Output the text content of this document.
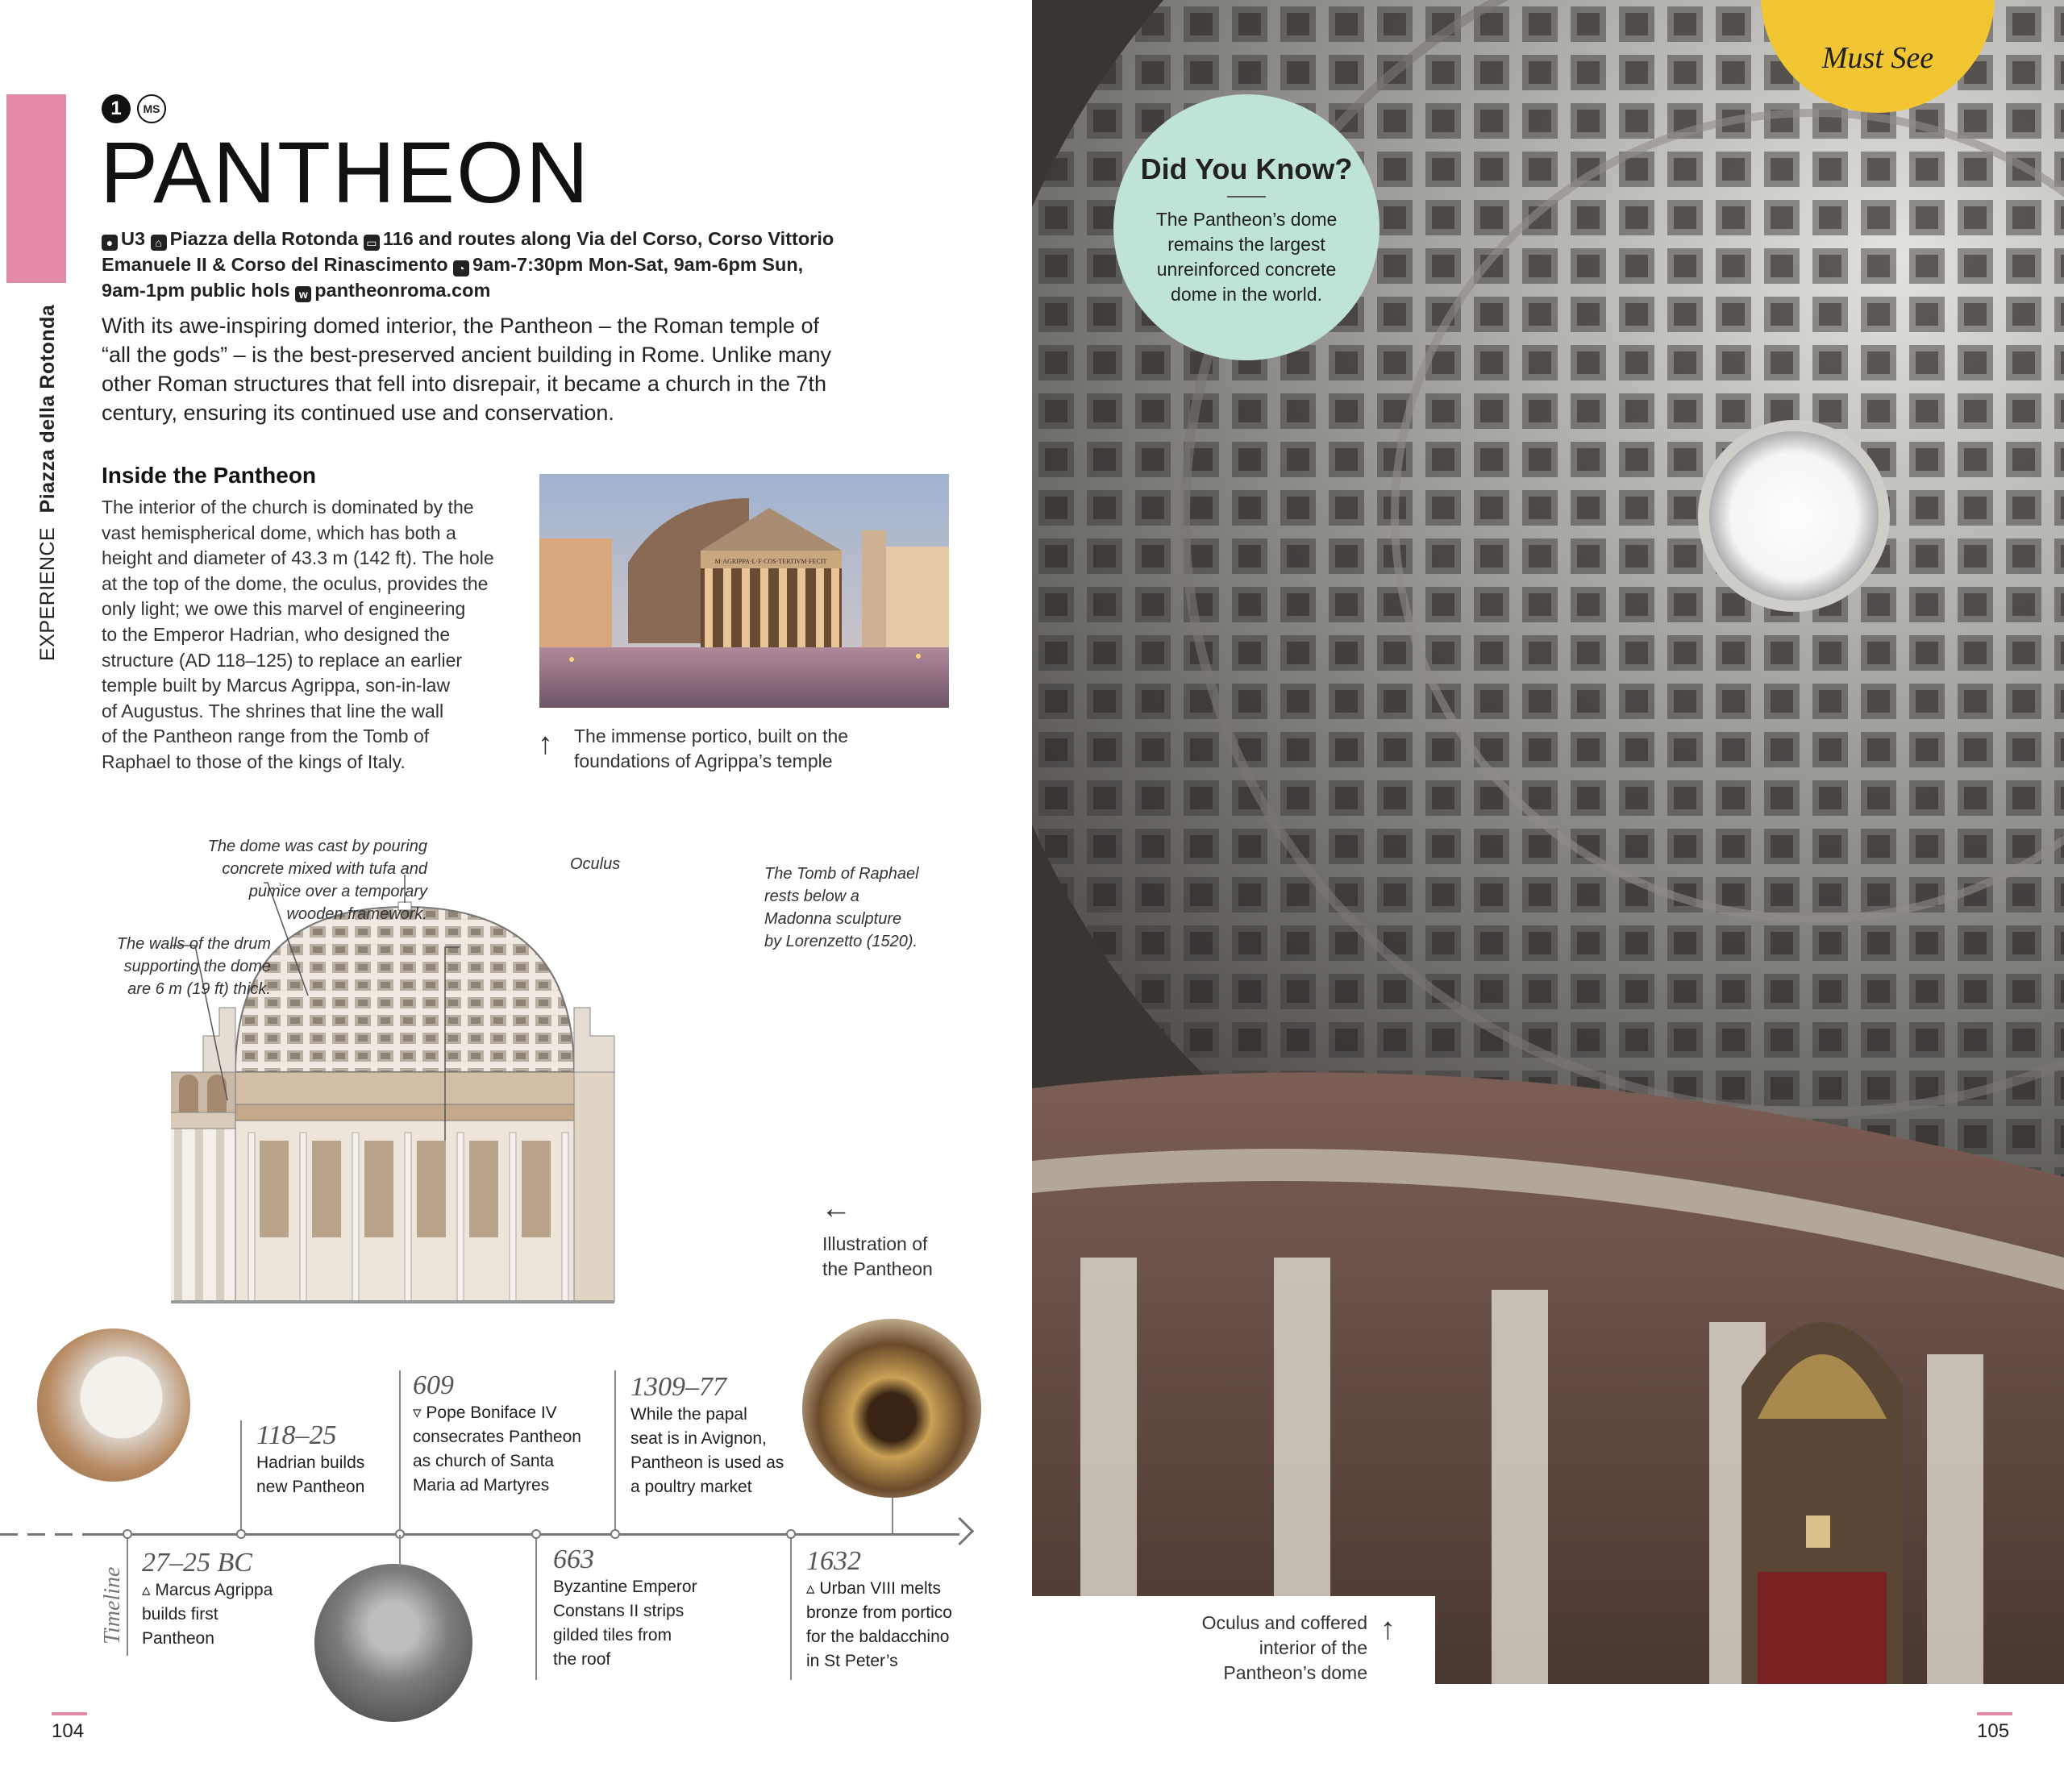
EXPERIENCE Piazza della Rotonda
1	MS
PANTHEON
● U3 ⌂ Piazza della Rotonda ▭ 116 and routes along Via del Corso, Corso Vittorio
Emanuele II & Corso del Rinascimento ◔ 9am-7:30pm Mon-Sat, 9am-6pm Sun,
9am-1pm public hols w pantheonroma.com
With its awe-inspiring domed interior, the Pantheon – the Roman temple of
“all the gods” – is the best-preserved ancient building in Rome. Unlike many
other Roman structures that fell into disrepair, it became a church in the 7th
century, ensuring its continued use and conservation.
Inside the Pantheon
The interior of the church is dominated by the
vast hemispherical dome, which has both a
height and diameter of 43.3 m (142 ft). The hole
at the top of the dome, the oculus, provides the
only light; we owe this marvel of engineering
to the Emperor Hadrian, who designed the
structure (AD 118–125) to replace an earlier
temple built by Marcus Agrippa, son-in-law
of Augustus. The shrines that line the wall
of the Pantheon range from the Tomb of
Raphael to those of the kings of Italy.
M·AGRIPPA·L·F·COS·TERTIVM·FECIT
↑ The immense portico, built on the
foundations of Agrippa’s temple
The dome was cast by pouring
concrete mixed with tufa and
pumice over a temporary
wooden framework.
Oculus
The walls of the drum
supporting the dome
are 6 m (19 ft) thick.
The Tomb of Raphael
rests below a
Madonna sculpture
by Lorenzetto (1520).
←
Illustration of
the Pantheon
Timeline
27–25 BC
▵ Marcus Agrippa
builds first
Pantheon
118–25
Hadrian builds
new Pantheon
609
▿ Pope Boniface IV
consecrates Pantheon
as church of Santa
Maria ad Martyres
663
Byzantine Emperor
Constans II strips
gilded tiles from
the roof
1309–77
While the papal
seat is in Avignon,
Pantheon is used as
a poultry market
1632
▵ Urban VIII melts
bronze from portico
for the baldacchino
in St Peter’s
104
Must See
Did You Know?
The Pantheon’s dome
remains the largest
unreinforced concrete
dome in the world.
Oculus and coffered
interior of the
Pantheon’s dome
↑
105
